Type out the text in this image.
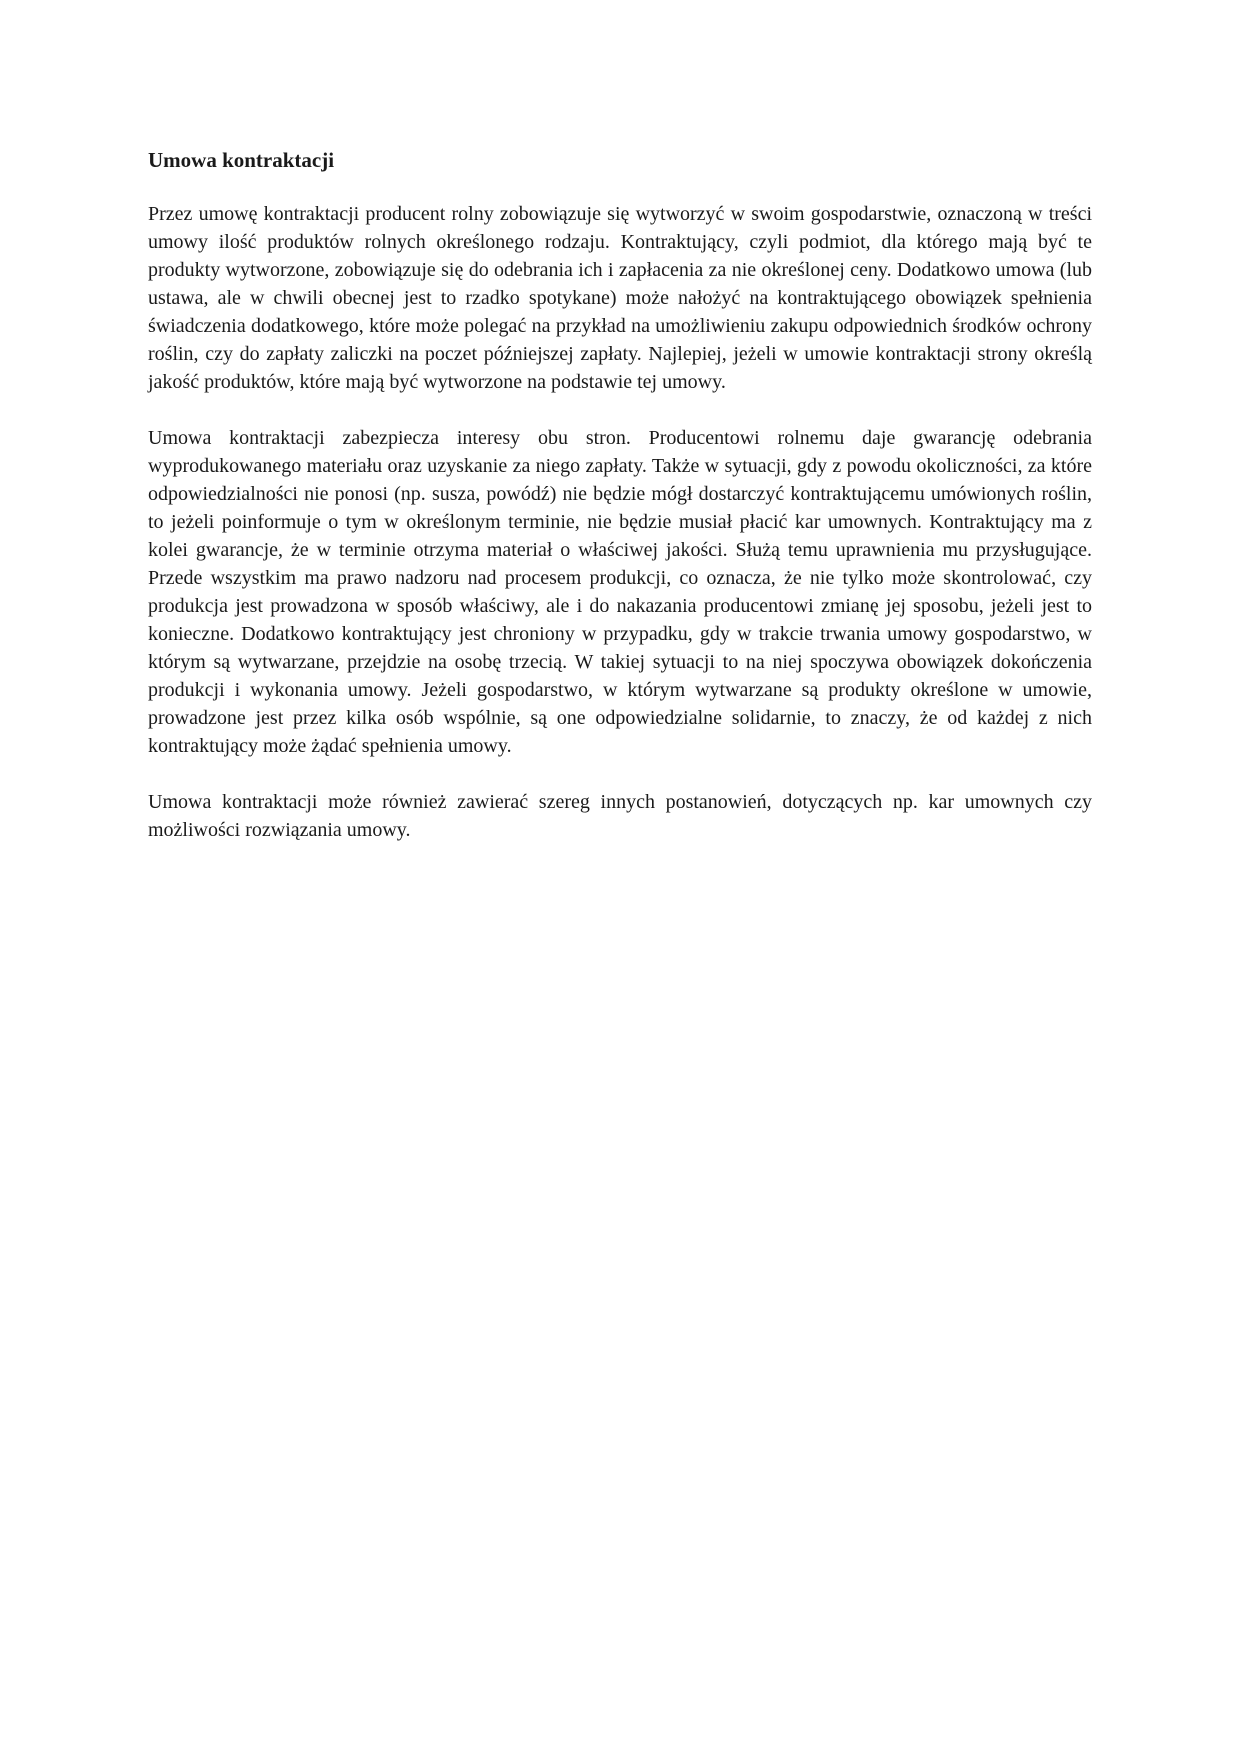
Umowa kontraktacji

Przez umowę kontraktacji producent rolny zobowiązuje się wytworzyć w swoim gospodarstwie, oznaczoną w treści umowy ilość produktów rolnych określonego rodzaju. Kontraktujący, czyli podmiot, dla którego mają być te produkty wytworzone, zobowiązuje się do odebrania ich i zapłacenia za nie określonej ceny. Dodatkowo umowa (lub ustawa, ale w chwili obecnej jest to rzadko spotykane) może nałożyć na kontraktującego obowiązek spełnienia świadczenia dodatkowego, które może polegać na przykład na umożliwieniu zakupu odpowiednich środków ochrony roślin, czy do zapłaty zaliczki na poczet późniejszej zapłaty. Najlepiej, jeżeli w umowie kontraktacji strony określą jakość produktów, które mają być wytworzone na podstawie tej umowy.

Umowa kontraktacji zabezpiecza interesy obu stron. Producentowi rolnemu daje gwarancję odebrania wyprodukowanego materiału oraz uzyskanie za niego zapłaty. Także w sytuacji, gdy z powodu okoliczności, za które odpowiedzialności nie ponosi (np. susza, powódź) nie będzie mógł dostarczyć kontraktującemu umówionych roślin, to jeżeli poinformuje o tym w określonym terminie, nie będzie musiał płacić kar umownych. Kontraktujący ma z kolei gwarancje, że w terminie otrzyma materiał o właściwej jakości. Służą temu uprawnienia mu przysługujące. Przede wszystkim ma prawo nadzoru nad procesem produkcji, co oznacza, że nie tylko może skontrolować, czy produkcja jest prowadzona w sposób właściwy, ale i do nakazania producentowi zmianę jej sposobu, jeżeli jest to konieczne. Dodatkowo kontraktujący jest chroniony w przypadku, gdy w trakcie trwania umowy gospodarstwo, w którym są wytwarzane, przejdzie na osobę trzecią. W takiej sytuacji to na niej spoczywa obowiązek dokończenia produkcji i wykonania umowy. Jeżeli gospodarstwo, w którym wytwarzane są produkty określone w umowie, prowadzone jest przez kilka osób wspólnie, są one odpowiedzialne solidarnie, to znaczy, że od każdej z nich kontraktujący może żądać spełnienia umowy.

Umowa kontraktacji może również zawierać szereg innych postanowień, dotyczących np. kar umownych czy możliwości rozwiązania umowy.
